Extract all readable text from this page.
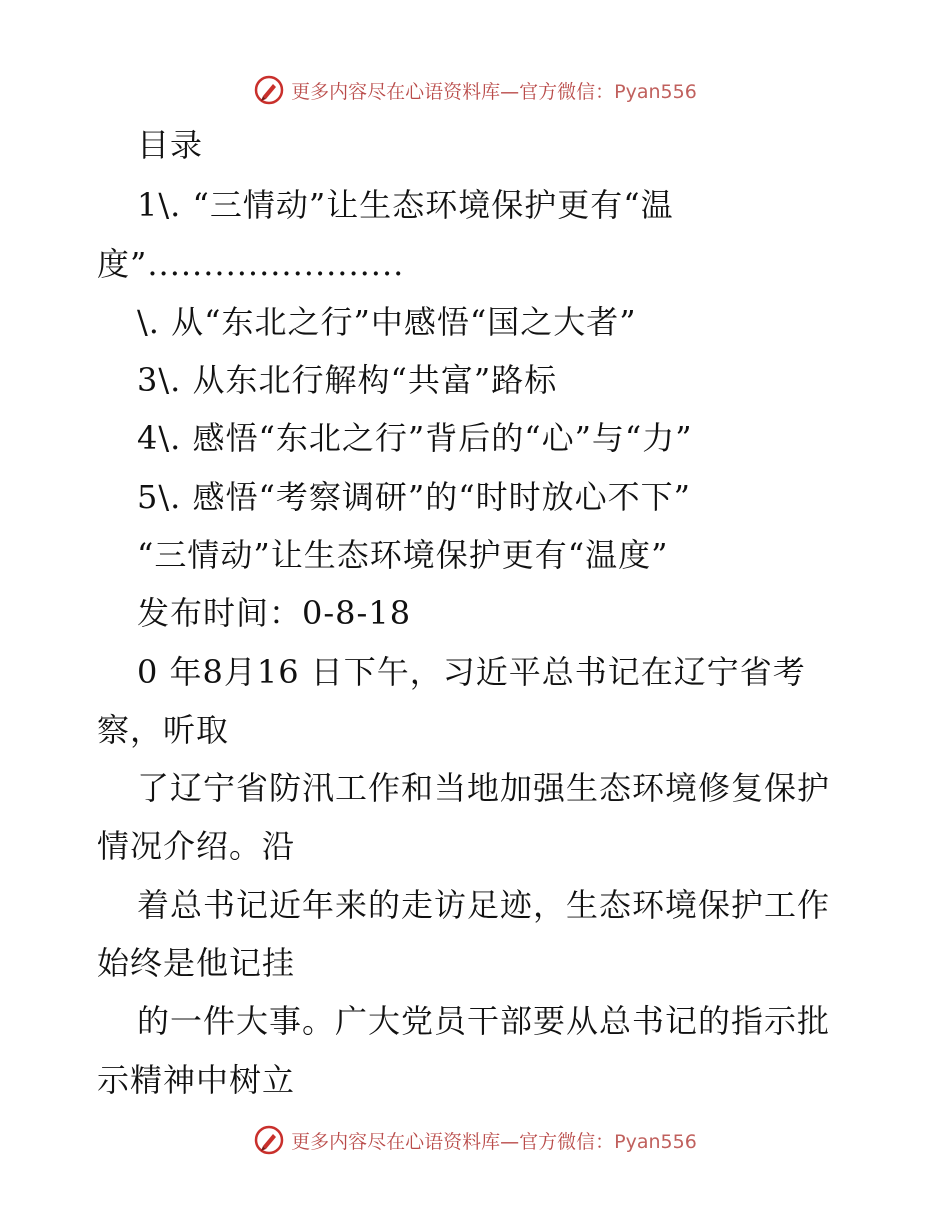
更多内容尽在心语资料库—官方微信：Pyan556
目录
1\. “三情动”让生态环境保护更有“温
度”.......................
\. 从“东北之行”中感悟“国之大者”
3\. 从东北行解构“共富”路标
4\. 感悟“东北之行”背后的“心”与“力”
5\. 感悟“考察调研”的“时时放心不下”
“三情动”让生态环境保护更有“温度”
发布时间：0-8-18
0 年8月16 日下午，习近平总书记在辽宁省考
察，听取
了辽宁省防汛工作和当地加强生态环境修复保护
情况介绍。沿
着总书记近年来的走访足迹，生态环境保护工作
始终是他记挂
的一件大事。广大党员干部要从总书记的指示批
示精神中树立
更多内容尽在心语资料库—官方微信：Pyan556
